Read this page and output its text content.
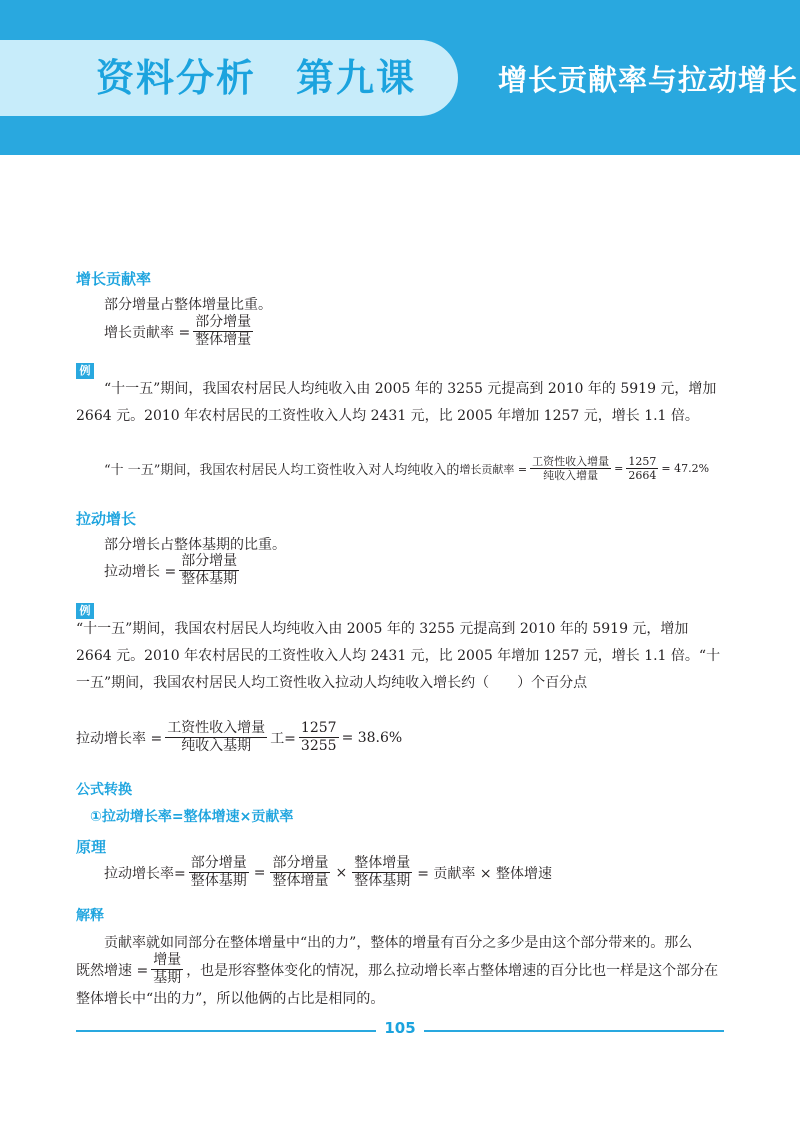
资料分析 第九课	增长贡献率与拉动增长
增长贡献率
部分增量占整体增量比重。
增长贡献率 = $\frac{\text{部分增量}}{\text{整体增量}}$
例
“十一五”期间，我国农村居民人均纯收入由 2005 年的 3255 元提高到 2010 年的 5919 元，增加 2664 元。2010 年农村居民的工资性收入人均 2431 元，比 2005 年增加 1257 元，增长 1.1 倍。
“十 一五”期间，我国农村居民人均工资性收入对人均纯收入的 增长贡献率 = $\frac{\text{工资性收入增量}}{\text{纯收入增量}} = \frac{1257}{2664} = 47.2\%$
拉动增长
部分增长占整体基期的比重。
拉动增长 = $\frac{\text{部分增量}}{\text{整体基期}}$
例
“十一五”期间，我国农村居民人均纯收入由 2005 年的 3255 元提高到 2010 年的 5919 元，增加 2664 元。2010 年农村居民的工资性收入人均 2431 元，比 2005 年增加 1257 元，增长 1.1 倍。“十一五”期间，我国农村居民人均工资性收入拉动人均纯收入增长约（　　）个百分点
拉动增长率 = $\frac{\text{工资性收入增量}}{\text{纯收入基期}}$ 工= $\frac{1257}{3255} = 38.6\%$
公式转换
①拉动增长率=整体增速×贡献率
原理
拉动增长率= $\frac{\text{部分增量}}{\text{整体基期}} = \frac{\text{部分增量}}{\text{整体增量}} \times \frac{\text{整体增量}}{\text{整体基期}}$ = 贡献率 × 整体增速
解释
贡献率就如同部分在整体增量中“出的力”，整体的增量有百分之多少是由这个部分带来的。那么
既然增速 = $\frac{\text{增量}}{\text{基期}}$ ，也是形容整体变化的情况，那么拉动增长率占整体增速的百分比也一样是这个部分在
整体增长中“出的力”，所以他俩的占比是相同的。
105
